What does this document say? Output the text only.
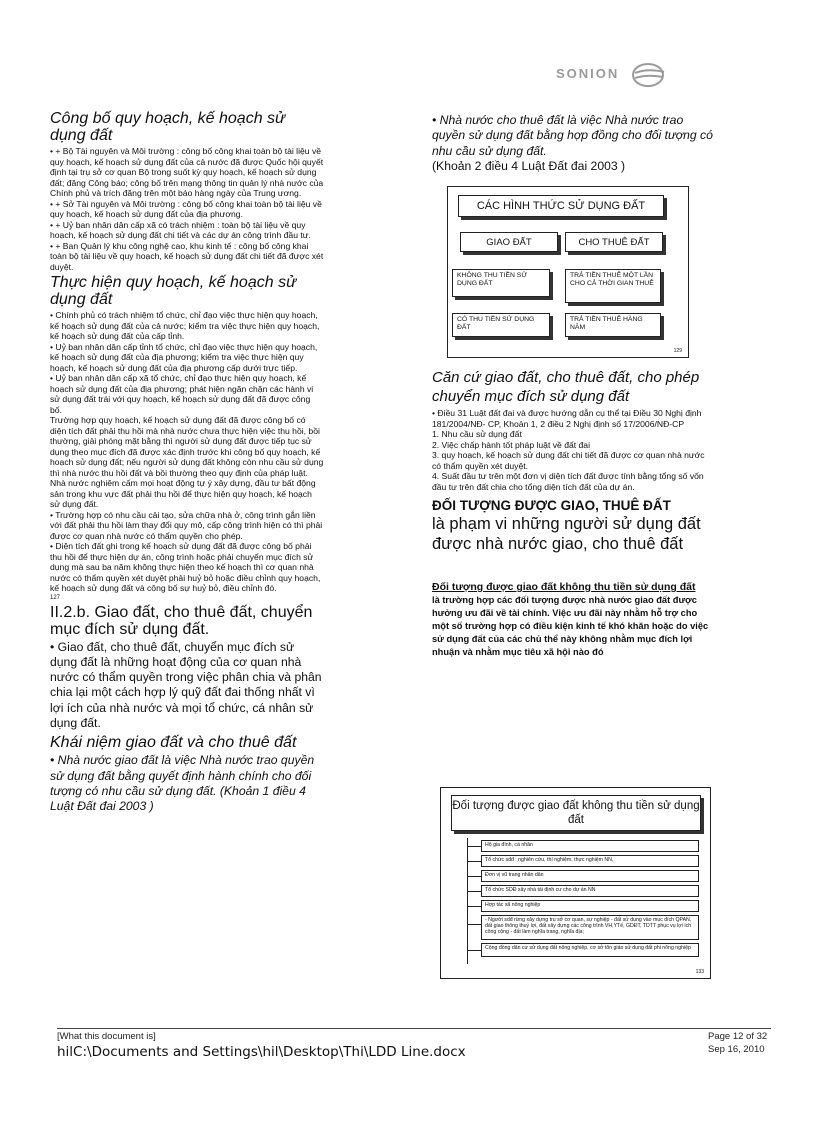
SONION

Công bố quy hoạch, kế hoạch sử dụng đất

• + Bộ Tài nguyên và Môi trường : công bố công khai toàn bộ tài liệu về quy hoạch, kế hoạch sử dụng đất của cả nước đã được Quốc hội quyết định tại trụ sở cơ quan Bộ trong suốt kỳ quy hoạch, kế hoạch sử dụng đất; đăng Công báo; công bố trên mạng thông tin quản lý nhà nước của Chính phủ và trích đăng trên một báo hàng ngày của Trung ương.

• + Sở Tài nguyên và Môi trường : công bố công khai toàn bộ tài liệu về quy hoạch, kế hoạch sử dụng đất của địa phương.

• + Uỷ ban nhân dân cấp xã có trách nhiệm : toàn bộ tài liệu về quy hoạch, kế hoạch sử dụng đất chi tiết và các dự án công trình đầu tư.

• + Ban Quản lý khu công nghệ cao, khu kinh tế : công bố công khai toàn bộ tài liệu về quy hoạch, kế hoạch sử dụng đất chi tiết đã được xét duyệt.

Thực hiện quy hoạch, kế hoạch sử dụng đất

• Chính phủ có trách nhiệm tổ chức, chỉ đạo việc thực hiện quy hoạch, kế hoạch sử dụng đất của cả nước; kiểm tra việc thực hiện quy hoạch, kế hoạch sử dụng đất của cấp tỉnh.

• Uỷ ban nhân dân cấp tỉnh tổ chức, chỉ đạo việc thực hiện quy hoạch, kế hoạch sử dụng đất của địa phương; kiểm tra việc thực hiện quy hoạch, kế hoạch sử dụng đất của địa phương cấp dưới trực tiếp.

• Uỷ ban nhân dân cấp xã tổ chức, chỉ đạo thực hiện quy hoạch, kế hoạch sử dụng đất của địa phương; phát hiện ngăn chặn các hành vi sử dụng đất trái với quy hoạch, kế hoạch sử dụng đất đã được công bố.

Trường hợp quy hoạch, kế hoạch sử dụng đất đã được công bố có diện tích đất phải thu hồi mà nhà nước chưa thực hiện việc thu hồi, bồi thường, giải phóng mặt bằng thì người sử dụng đất được tiếp tục sử dụng theo mục đích đã được xác định trước khi công bố quy hoạch, kế hoạch sử dụng đất; nếu người sử dụng đất không còn nhu cầu sử dụng thì nhà nước thu hồi đất và bồi thường theo quy định của pháp luật. Nhà nước nghiêm cấm mọi hoạt động tự ý xây dựng, đầu tư bất động sản trong khu vực đất phải thu hồi để thực hiện quy hoạch, kế hoạch sử dụng đất.

• Trường hợp có nhu cầu cải tạo, sửa chữa nhà ở, công trình gắn liền với đất phải thu hồi làm thay đổi quy mô, cấp công trình hiện có thì phải được cơ quan nhà nước có thẩm quyền cho phép.

• Diện tích đất ghi trong kế hoạch sử dụng đất đã được công bố phải thu hồi để thực hiện dự án, công trình hoặc phải chuyển mục đích sử dụng mà sau ba năm không thực hiện theo kế hoạch thì cơ quan nhà nước có thẩm quyền xét duyệt phải huỷ bỏ hoặc điều chỉnh quy hoạch, kế hoạch sử dụng đất và công bố sự huỷ bỏ, điều chỉnh đó.

127

II.2.b. Giao đất, cho thuê đất, chuyển mục đích sử dụng đất.

• Giao đất, cho thuê đất, chuyển mục đích sử dụng đất là những hoạt động của cơ quan nhà nước có thẩm quyền trong việc phân chia và phân chia lại một cách hợp lý quỹ đất đai thống nhất vì lợi ích của nhà nước và mọi tổ chức, cá nhân sử dụng đất.

Khái niệm giao đất và cho thuê đất

• Nhà nước giao đất là việc Nhà nước trao quyền sử dụng đất bằng quyết định hành chính cho đối tượng có nhu cầu sử dụng đất. (Khoản 1 điều 4 Luật Đất đai 2003 )

• Nhà nước cho thuê đất là việc Nhà nước trao quyền sử dụng đất bằng hợp đồng cho đối tượng có nhu cầu sử dụng đất.

(Khoản 2 điều 4 Luật Đất đai 2003 )

CÁC HÌNH THỨC SỬ DỤNG ĐẤT
GIAO ĐẤT	CHO THUÊ ĐẤT
KHÔNG THU TIỀN SỬ DỤNG ĐẤT
TRẢ TIỀN THUÊ MỘT LẦN CHO CẢ THỜI GIAN THUÊ
CÓ THU TIỀN SỬ DỤNG ĐẤT
TRẢ TIỀN THUÊ HÀNG NĂM
129

Căn cứ giao đất, cho thuê đất, cho phép chuyển mục đích sử dụng đất

• Điều 31 Luật đất đai và được hướng dẫn cụ thể tại Điều 30 Nghị định 181/2004/NĐ- CP, Khoản 1, 2 điều 2 Nghị định số 17/2006/NĐ-CP

1. Nhu cầu sử dụng đất

2. Việc chấp hành tốt pháp luật về đất đai

3. quy hoạch, kế hoạch sử dụng đất chi tiết đã được cơ quan nhà nước có thẩm quyền xét duyệt.

4. Suất đầu tư trên một đơn vị diện tích đất được tính bằng tổng số vốn đầu tư trên đất chia cho tổng diện tích đất của dự án.

ĐỐI TƯỢNG ĐƯỢC GIAO, THUÊ ĐẤT

là phạm vi những người sử dụng đất được nhà nước giao, cho thuê đất

Đối tượng được giao đất không thu tiền sử dụng đất

là trường hợp các đối tượng được nhà nước giao đất được hưởng ưu đãi về tài chính. Việc ưu đãi này nhằm hỗ trợ cho một số trường hợp có điều kiện kinh tế khó khăn hoặc do việc sử dụng đất của các chủ thể này không nhằm mục đích lợi nhuận và nhằm mục tiêu xã hội nào đó

Đối tượng được giao đất không thu tiền sử dụng đất
Hộ gia đình, cá nhân
Tổ chức sđđ : nghiên cứu, thí nghiệm, thực nghiệm NN,
Đơn vị vũ trang nhân dân
Tổ chức SDĐ xây nhà tái định cư cho dự án NN
Hợp tác xã nông nghiệp
- Người sdđ rừng xây dựng trụ sở cơ quan, sự nghiệp - đất sử dụng vào mục đích QPAN, đất giao thông thuỷ lợi, đất xây dựng các công trình VH,YTế, GDĐT, TDTT phục vụ lợi ích công cộng - đất làm nghĩa trang, nghĩa địa;
Cộng đồng dân cư sử dụng đất nông nghiệp, cơ sở tôn giáo sử dụng đất phi nông nghiệp
133
[What this document is]
hilC:\Documents and Settings\hil\Desktop\Thi\LDD Line.docx
Page 12 of 32
Sep 16, 2010
